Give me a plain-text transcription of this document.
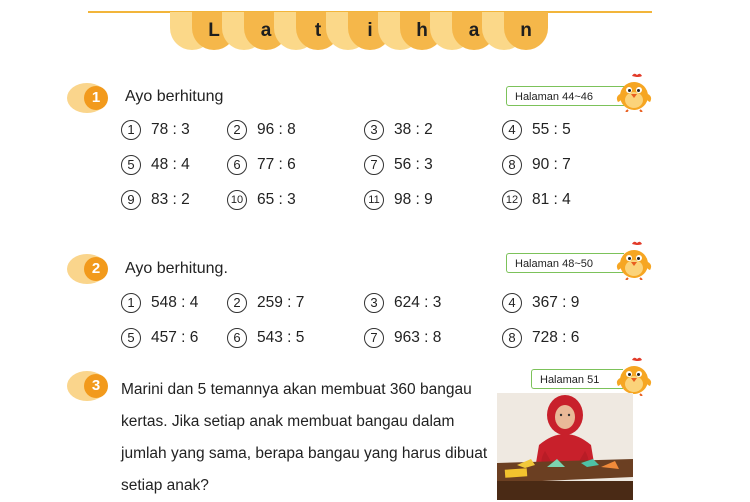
L	a	t	i	h	a	n
1	Ayo berhitung	Halaman 44~46
1	78 : 3	2	96 : 8	3	38 : 2	4	55 : 5
5	48 : 4	6	77 : 6	7	56 : 3	8	90 : 7
9	83 : 2	10 65 : 3	11 98 : 9	12 81 : 4
2	Ayo berhitung.	Halaman 48~50
1	548 : 4	2	259 : 7	3	624 : 3	4	367 : 9
5	457 : 6	6	543 : 5	7	963 : 8	8	728 : 6
3	Halaman 51
Marini dan 5 temannya akan membuat 360 bangau
kertas. Jika setiap anak membuat bangau dalam
jumlah yang sama, berapa bangau yang harus dibuat
setiap anak?
